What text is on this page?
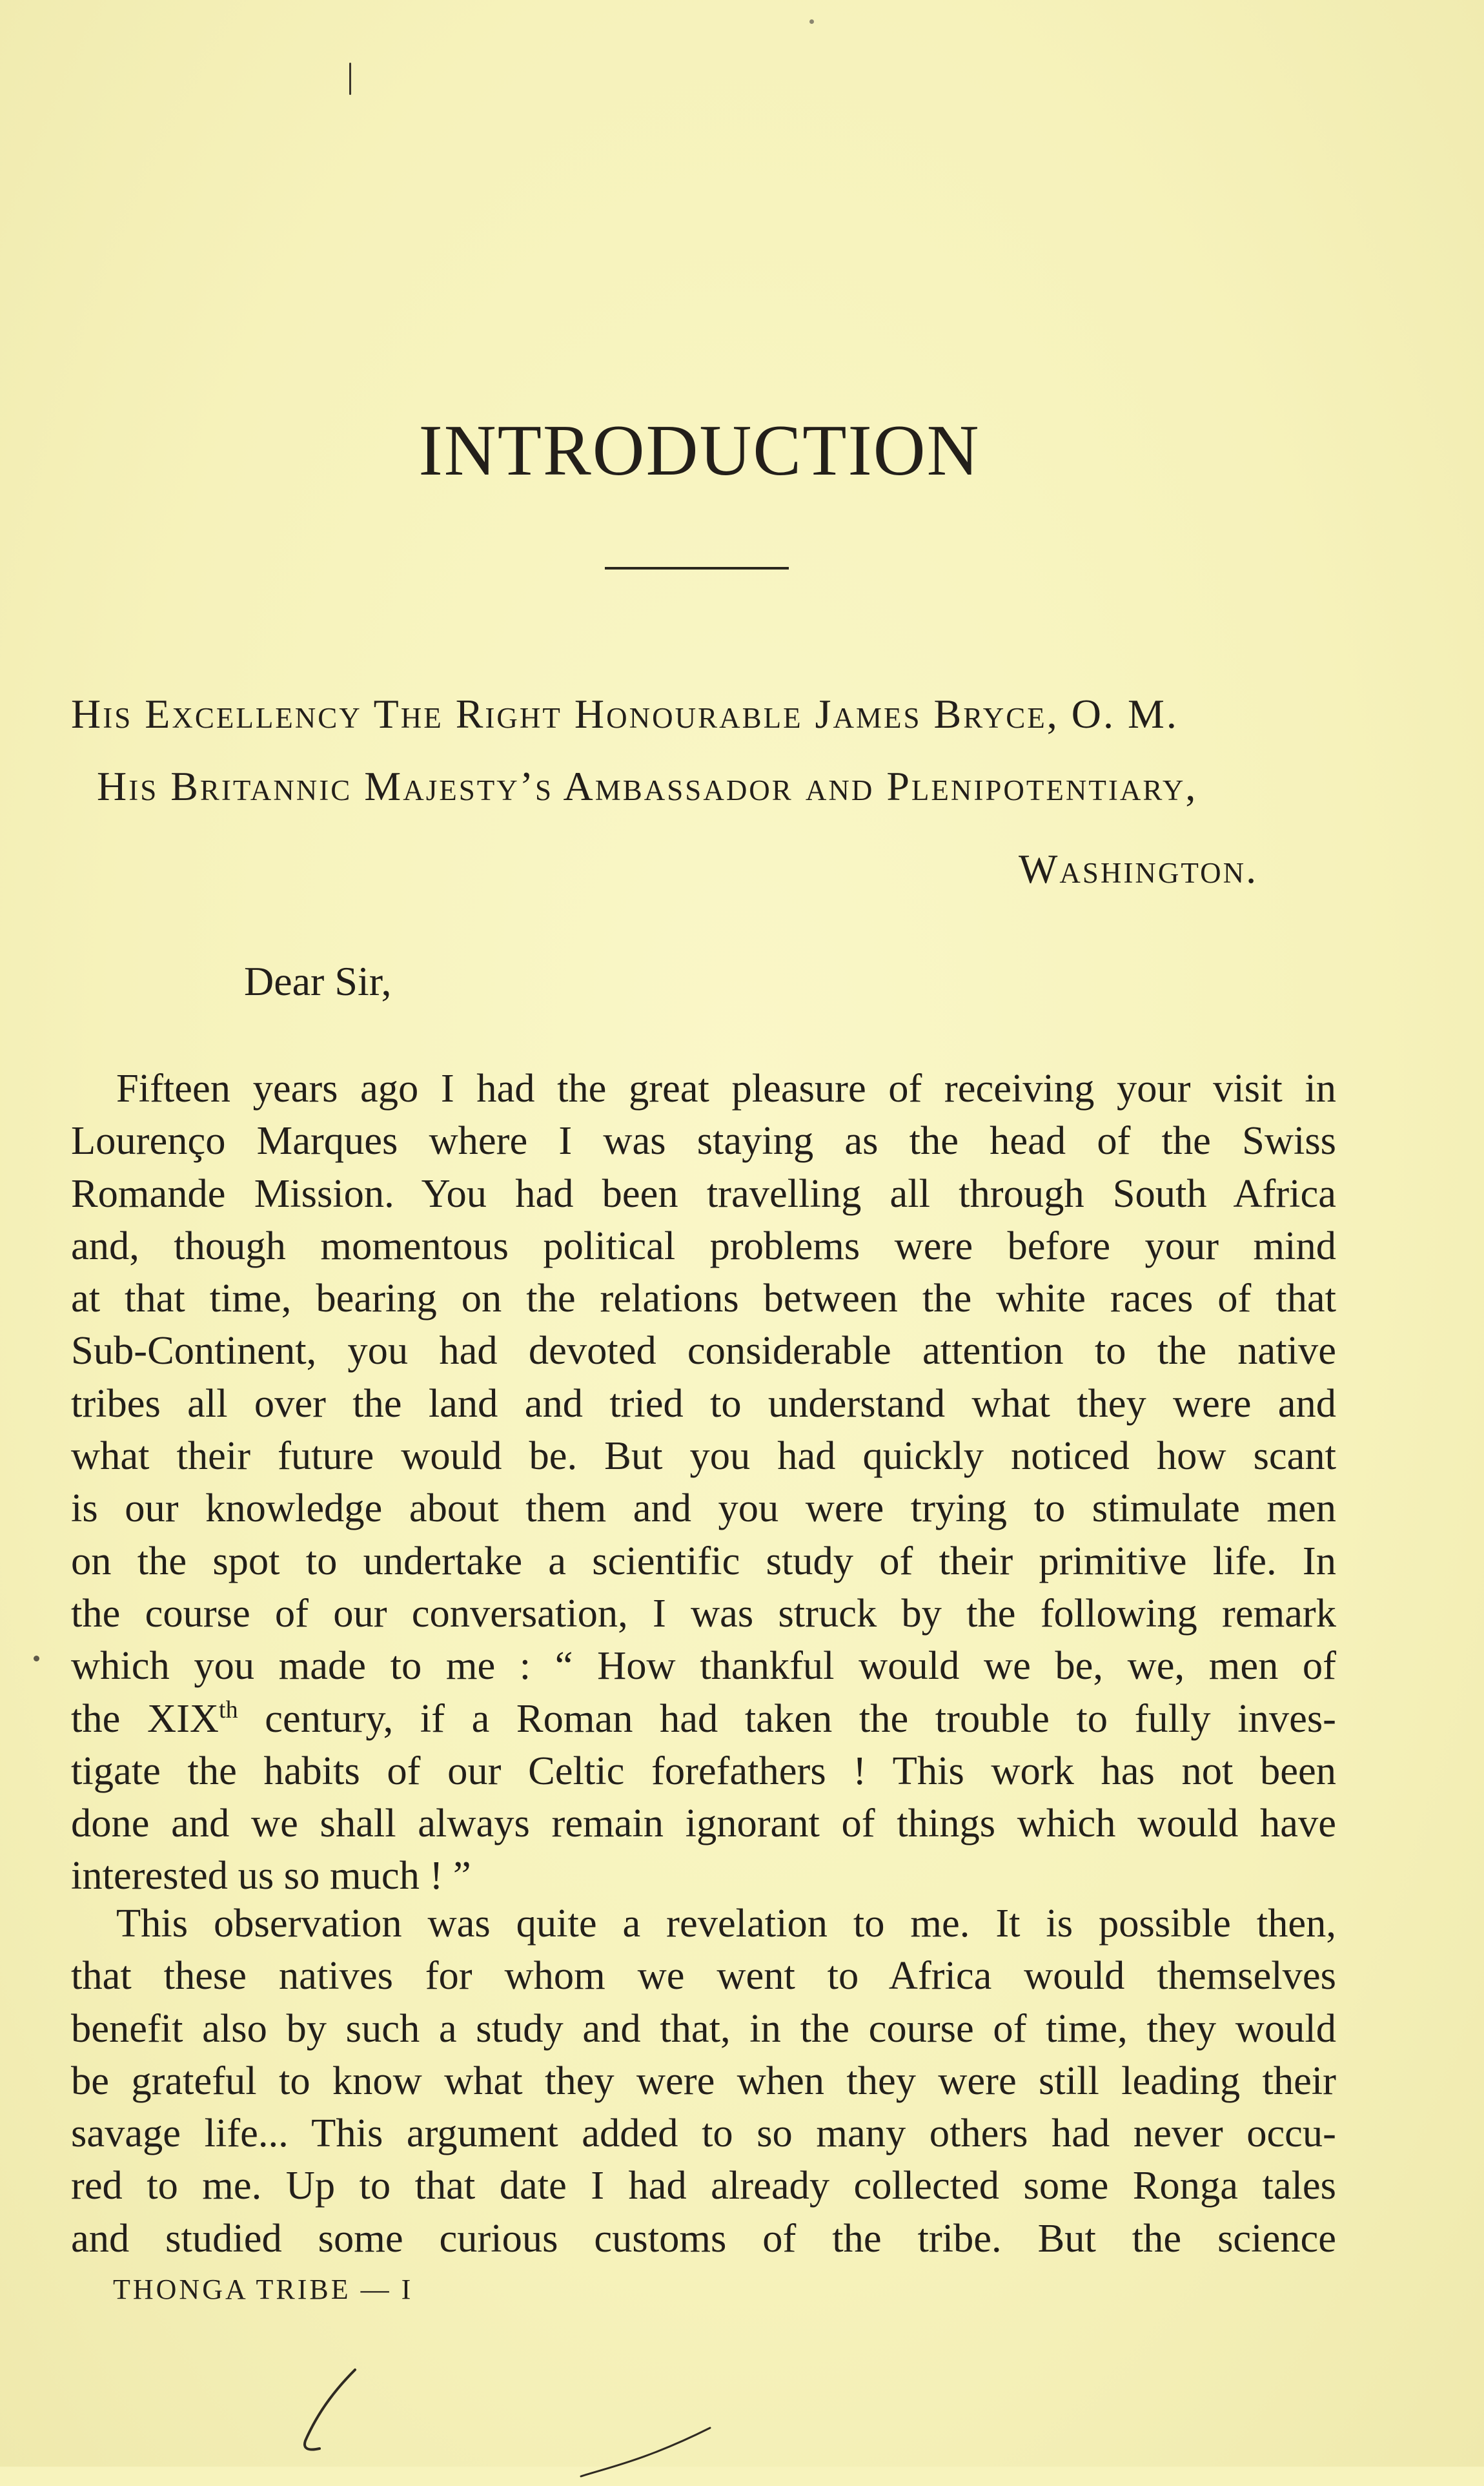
INTRODUCTION
His Excellency The Right Honourable James Bryce, O. M.
His Britannic Majesty’s Ambassador and Plenipotentiary,
Washington.
Dear Sir,
Fifteen years ago I had the great pleasure of receiving your visit in
Lourenço Marques where I was staying as the head of the Swiss
Romande Mission. You had been travelling all through South Africa
and, though momentous political problems were before your mind
at that time, bearing on the relations between the white races of that
Sub-Continent, you had devoted considerable attention to the native
tribes all over the land and tried to understand what they were and
what their future would be. But you had quickly noticed how scant
is our knowledge about them and you were trying to stimulate men
on the spot to undertake a scientific study of their primitive life. In
the course of our conversation, I was struck by the following remark
which you made to me : “ How thankful would we be, we, men of
the XIXth century, if a Roman had taken the trouble to fully inves-
tigate the habits of our Celtic forefathers ! This work has not been
done and we shall always remain ignorant of things which would have
interested us so much ! ”
This observation was quite a revelation to me. It is possible then,
that these natives for whom we went to Africa would themselves
benefit also by such a study and that, in the course of time, they would
be grateful to know what they were when they were still leading their
savage life... This argument added to so many others had never occu-
red to me. Up to that date I had already collected some Ronga tales
and studied some curious customs of the tribe. But the science
THONGA TRIBE — I
